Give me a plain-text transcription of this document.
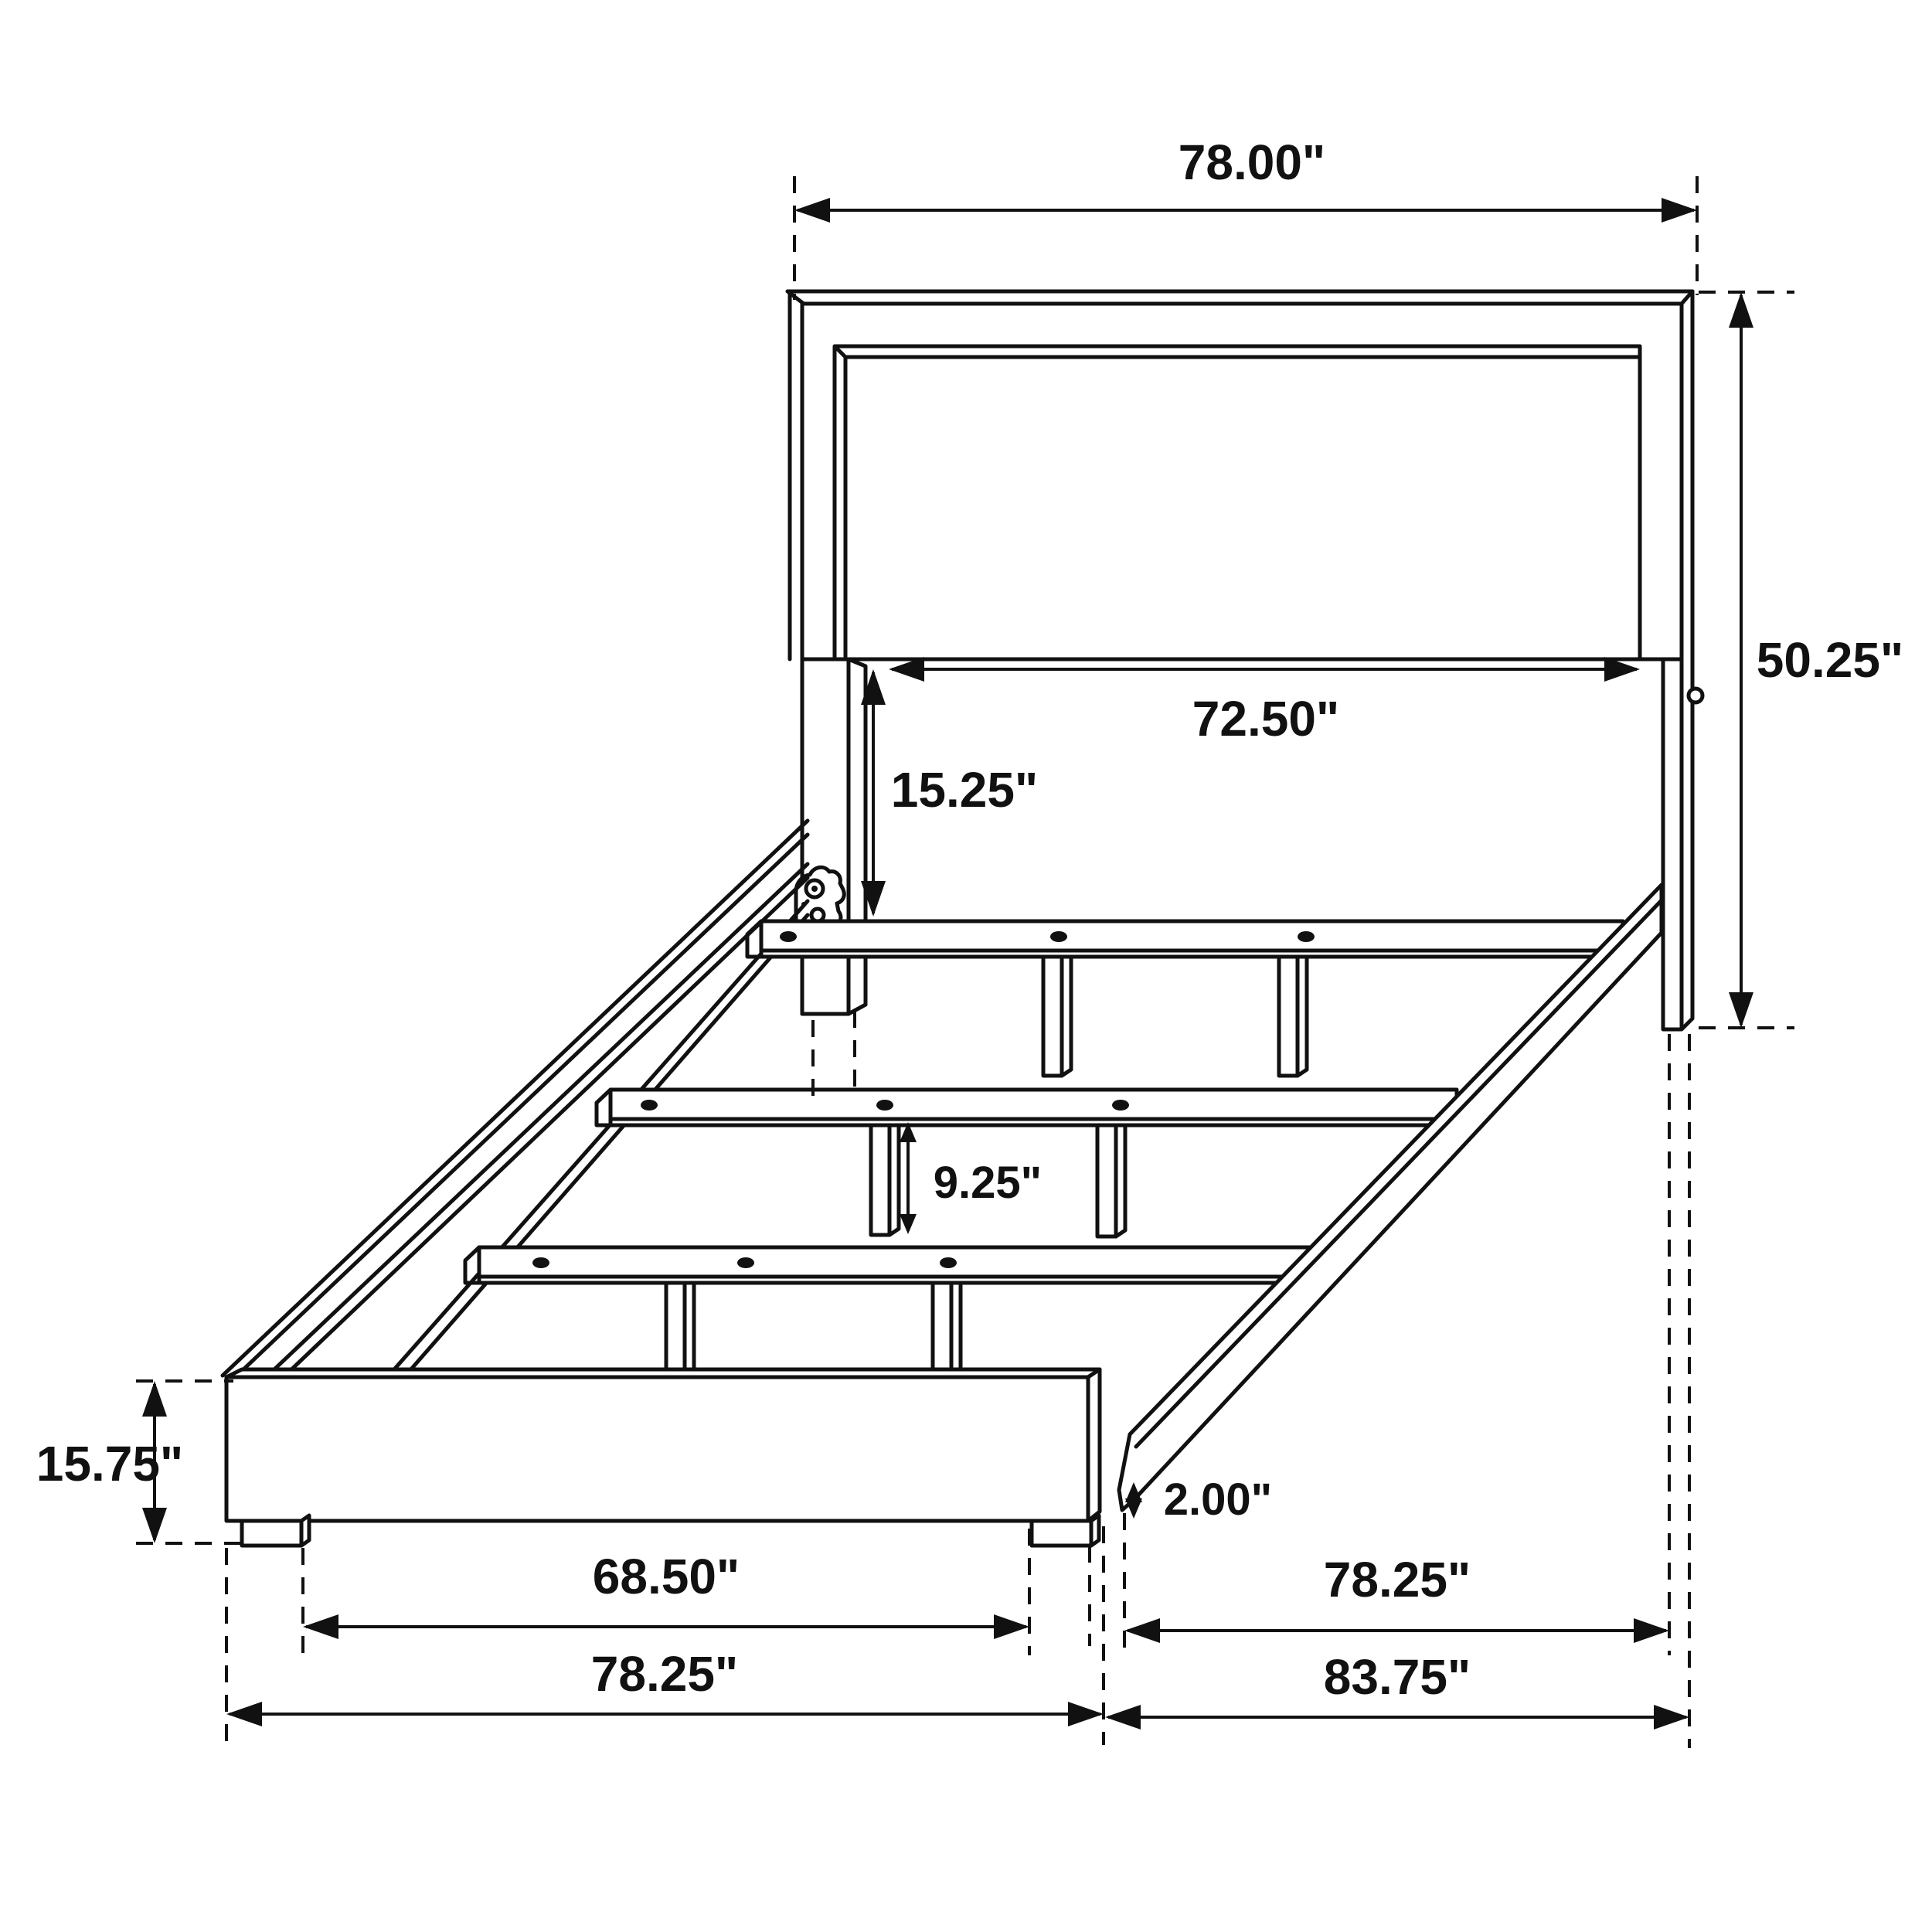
78.00"
50.25"
72.50"
15.25"
9.25"
15.75"
2.00"
68.50"
78.25"
78.25"
83.75"
